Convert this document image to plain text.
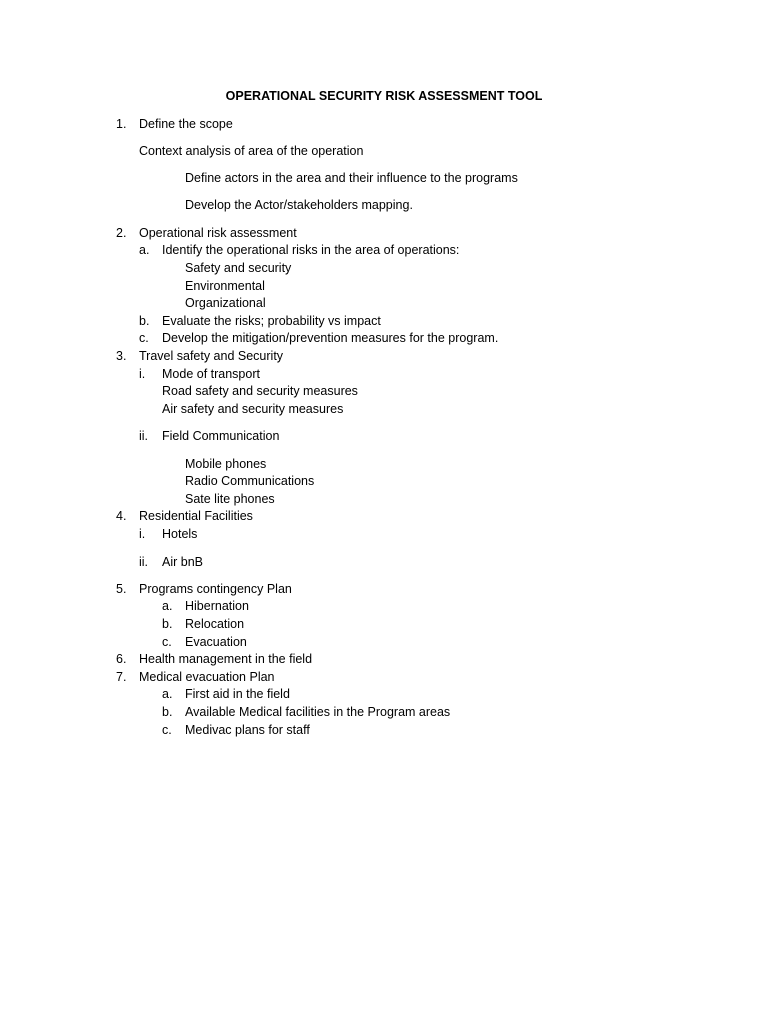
OPERATIONAL SECURITY RISK ASSESSMENT TOOL
1. Define the scope
Context analysis of area of the operation
Define actors in the area and their influence to the programs
Develop the Actor/stakeholders mapping.
2. Operational risk assessment
a. Identify the operational risks in the area of operations:
Safety and security
Environmental
Organizational
b. Evaluate the risks; probability vs impact
c. Develop the mitigation/prevention measures for the program.
3. Travel safety and Security
i. Mode of transport
Road safety and security measures
Air safety and security measures
ii. Field Communication
Mobile phones
Radio Communications
Sate lite phones
4. Residential Facilities
i. Hotels
ii. Air bnB
5. Programs contingency Plan
a. Hibernation
b. Relocation
c. Evacuation
6. Health management in the field
7. Medical evacuation Plan
a. First aid in the field
b. Available Medical facilities in the Program areas
c. Medivac plans for staff
